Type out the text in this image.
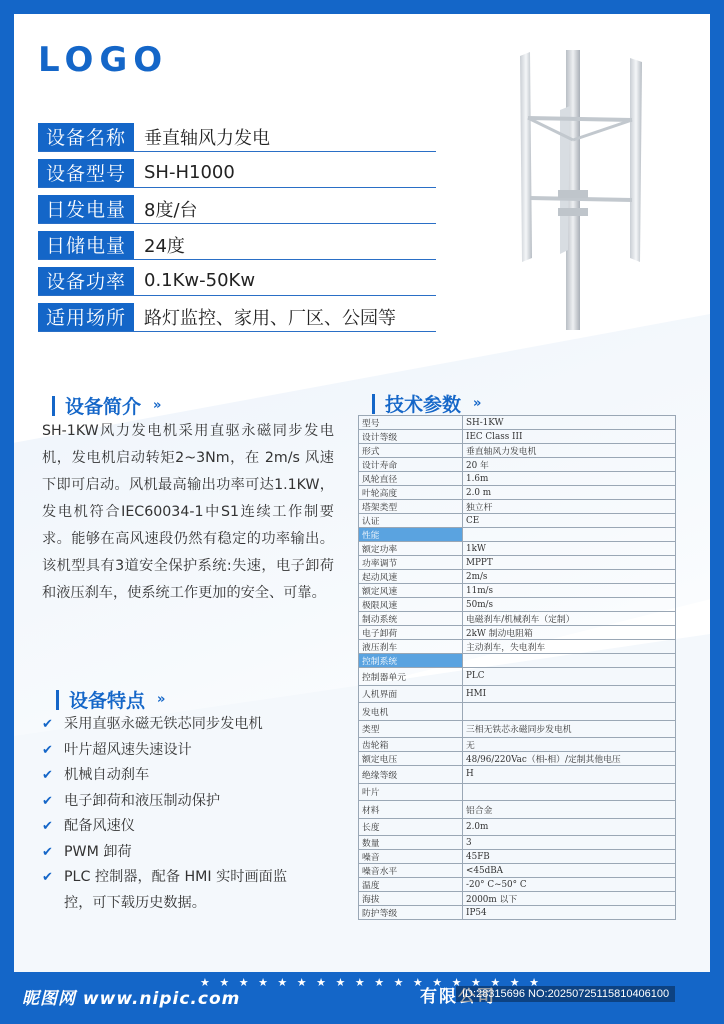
LOGO
设备名称	垂直轴风力发电
设备型号	SH-H1000
日发电量	8度/台
日储电量	24度
设备功率	0.1Kw-50Kw
适用场所	路灯监控、家用、厂区、公园等
设备简介 »

SH-1KW风力发电机采用直驱永磁同步发电机，发电机启动转矩2~3Nm，在 2m/s 风速下即可启动。风机最高输出功率可达1.1KW，发电机符合IEC60034-1中S1连续工作制要求。能够在高风速段仍然有稳定的功率输出。该机型具有3道安全保护系统:失速，电子卸荷和液压刹车，使系统工作更加的安全、可靠。

设备特点 »
✔ 采用直驱永磁无铁芯同步发电机
✔ 叶片超风速失速设计
✔ 机械自动刹车
✔ 电子卸荷和液压制动保护
✔ 配备风速仪
✔ PWM 卸荷
✔ PLC 控制器，配备 HMI 实时画面监控，可下载历史数据。
技术参数 »
型号	SH-1KW
设计等级	IEC Class III
形式	垂直轴风力发电机
设计寿命	20 年
风轮直径	1.6m
叶轮高度	2.0 m
塔架类型	独立杆
认证	CE
性能	
额定功率	1kW
功率调节	MPPT
起动风速	2m/s
额定风速	11m/s
极限风速	50m/s
制动系统	电磁刹车/机械刹车（定制）
电子卸荷	2kW 制动电阻箱
液压刹车	主动刹车，失电刹车
控制系统	
控制器单元	PLC
人机界面	HMI
发电机	
类型	三相无铁芯永磁同步发电机
齿轮箱	无
额定电压	48/96/220Vac（相-相）/定制其他电压
绝缘等级	H
叶片	
材料	铝合金
长度	2.0m
数量	3
噪音	45FB
噪音水平	<45dBA
温度	-20° C~50° C
海拔	2000m 以下
防护等级	IP54
昵图网 www.nipic.com
★ ★ ★ ★ ★ ★ ★ ★ ★ ★ ★ ★ ★ ★ ★ ★ ★ ★
有限公司
ID:28315696 NO:20250725115810406100
